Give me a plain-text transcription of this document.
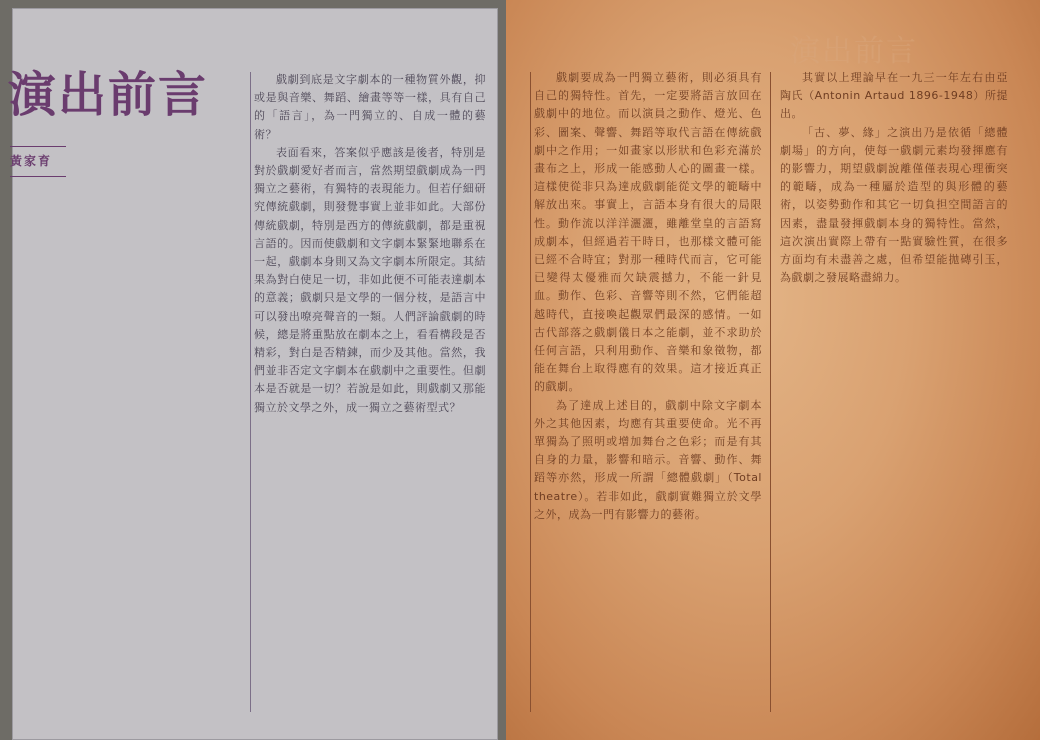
演出前言
黃家育

戲劇到底是文字劇本的一種物質外觀，抑或是與音樂、舞蹈、繪畫等等一樣，具有自己的「語言」，為一門獨立的、自成一體的藝術？

表面看來，答案似乎應該是後者，特別是對於戲劇愛好者而言，當然期望戲劇成為一門獨立之藝術，有獨特的表現能力。但若仔細研究傳統戲劇，則發覺事實上並非如此。大部份傳統戲劇，特別是西方的傳統戲劇，都是重視言語的。因而使戲劇和文字劇本緊緊地聯系在一起，戲劇本身則又為文字劇本所限定。其結果為對白使足一切，非如此便不可能表達劇本的意義；戲劇只是文學的一個分枝，是語言中可以發出嘹亮聲音的一類。人們評論戲劇的時候，總是將重點放在劇本之上，看看構段是否精彩，對白是否精鍊，而少及其他。當然，我們並非否定文字劇本在戲劇中之重要性。但劇本是否就是一切？若說是如此，則戲劇又那能獨立於文學之外，成一獨立之藝術型式？

演出前言

戲劇要成為一門獨立藝術，則必須具有自己的獨特性。首先，一定要將語言放回在戲劇中的地位。而以演員之動作、燈光、色彩、圖案、聲響、舞蹈等取代言語在傳統戲劇中之作用；一如畫家以形狀和色彩充滿於畫布之上，形成一能感動人心的圖畫一樣。這樣使從非只為達成戲劇能從文學的範疇中解放出來。事實上，言語本身有很大的局限性。動作流以洋洋灑灑，雖離堂皇的言語寫成劇本，但經過若干時日，也那樣文體可能已經不合時宜；對那一種時代而言，它可能已變得太優雅而欠缺震撼力，不能一針見血。動作、色彩、音響等則不然，它們能超越時代，直接喚起觀眾們最深的感情。一如古代部落之戲劇儀日本之能劇，並不求助於任何言語，只利用動作、音樂和象徵物，都能在舞台上取得應有的效果。這才接近真正的戲劇。

為了達成上述目的，戲劇中除文字劇本外之其他因素，均應有其重要使命。光不再單獨為了照明或增加舞台之色彩；而是有其自身的力量，影響和暗示。音響、動作、舞蹈等亦然，形成一所謂「總體戲劇」（Total theatre）。若非如此，戲劇實難獨立於文學之外，成為一門有影響力的藝術。

其實以上理論早在一九三一年左右由亞陶氏（Antonin Artaud 1896-1948）所提出。

「古、夢、緣」之演出乃是依循「總體劇場」的方向，使每一戲劇元素均發揮應有的影響力，期望戲劇說離僅僅表現心理衝突的範疇，成為一種屬於造型的與形體的藝術，以姿勢動作和其它一切負担空間語言的因素，盡量發揮戲劇本身的獨特性。當然，這次演出實際上帶有一點實驗性質，在很多方面均有未盡善之處，但希望能拋磚引玉，為戲劇之發展略盡綿力。
